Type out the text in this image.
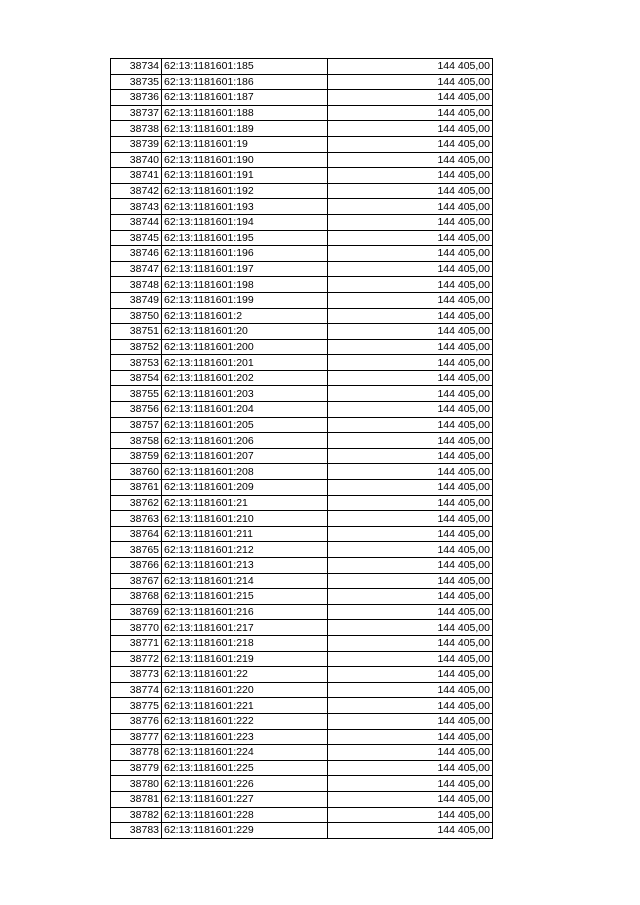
38734	62:13:1181601:185	144 405,00
38735	62:13:1181601:186	144 405,00
38736	62:13:1181601:187	144 405,00
38737	62:13:1181601:188	144 405,00
38738	62:13:1181601:189	144 405,00
38739	62:13:1181601:19	144 405,00
38740	62:13:1181601:190	144 405,00
38741	62:13:1181601:191	144 405,00
38742	62:13:1181601:192	144 405,00
38743	62:13:1181601:193	144 405,00
38744	62:13:1181601:194	144 405,00
38745	62:13:1181601:195	144 405,00
38746	62:13:1181601:196	144 405,00
38747	62:13:1181601:197	144 405,00
38748	62:13:1181601:198	144 405,00
38749	62:13:1181601:199	144 405,00
38750	62:13:1181601:2	144 405,00
38751	62:13:1181601:20	144 405,00
38752	62:13:1181601:200	144 405,00
38753	62:13:1181601:201	144 405,00
38754	62:13:1181601:202	144 405,00
38755	62:13:1181601:203	144 405,00
38756	62:13:1181601:204	144 405,00
38757	62:13:1181601:205	144 405,00
38758	62:13:1181601:206	144 405,00
38759	62:13:1181601:207	144 405,00
38760	62:13:1181601:208	144 405,00
38761	62:13:1181601:209	144 405,00
38762	62:13:1181601:21	144 405,00
38763	62:13:1181601:210	144 405,00
38764	62:13:1181601:211	144 405,00
38765	62:13:1181601:212	144 405,00
38766	62:13:1181601:213	144 405,00
38767	62:13:1181601:214	144 405,00
38768	62:13:1181601:215	144 405,00
38769	62:13:1181601:216	144 405,00
38770	62:13:1181601:217	144 405,00
38771	62:13:1181601:218	144 405,00
38772	62:13:1181601:219	144 405,00
38773	62:13:1181601:22	144 405,00
38774	62:13:1181601:220	144 405,00
38775	62:13:1181601:221	144 405,00
38776	62:13:1181601:222	144 405,00
38777	62:13:1181601:223	144 405,00
38778	62:13:1181601:224	144 405,00
38779	62:13:1181601:225	144 405,00
38780	62:13:1181601:226	144 405,00
38781	62:13:1181601:227	144 405,00
38782	62:13:1181601:228	144 405,00
38783	62:13:1181601:229	144 405,00
